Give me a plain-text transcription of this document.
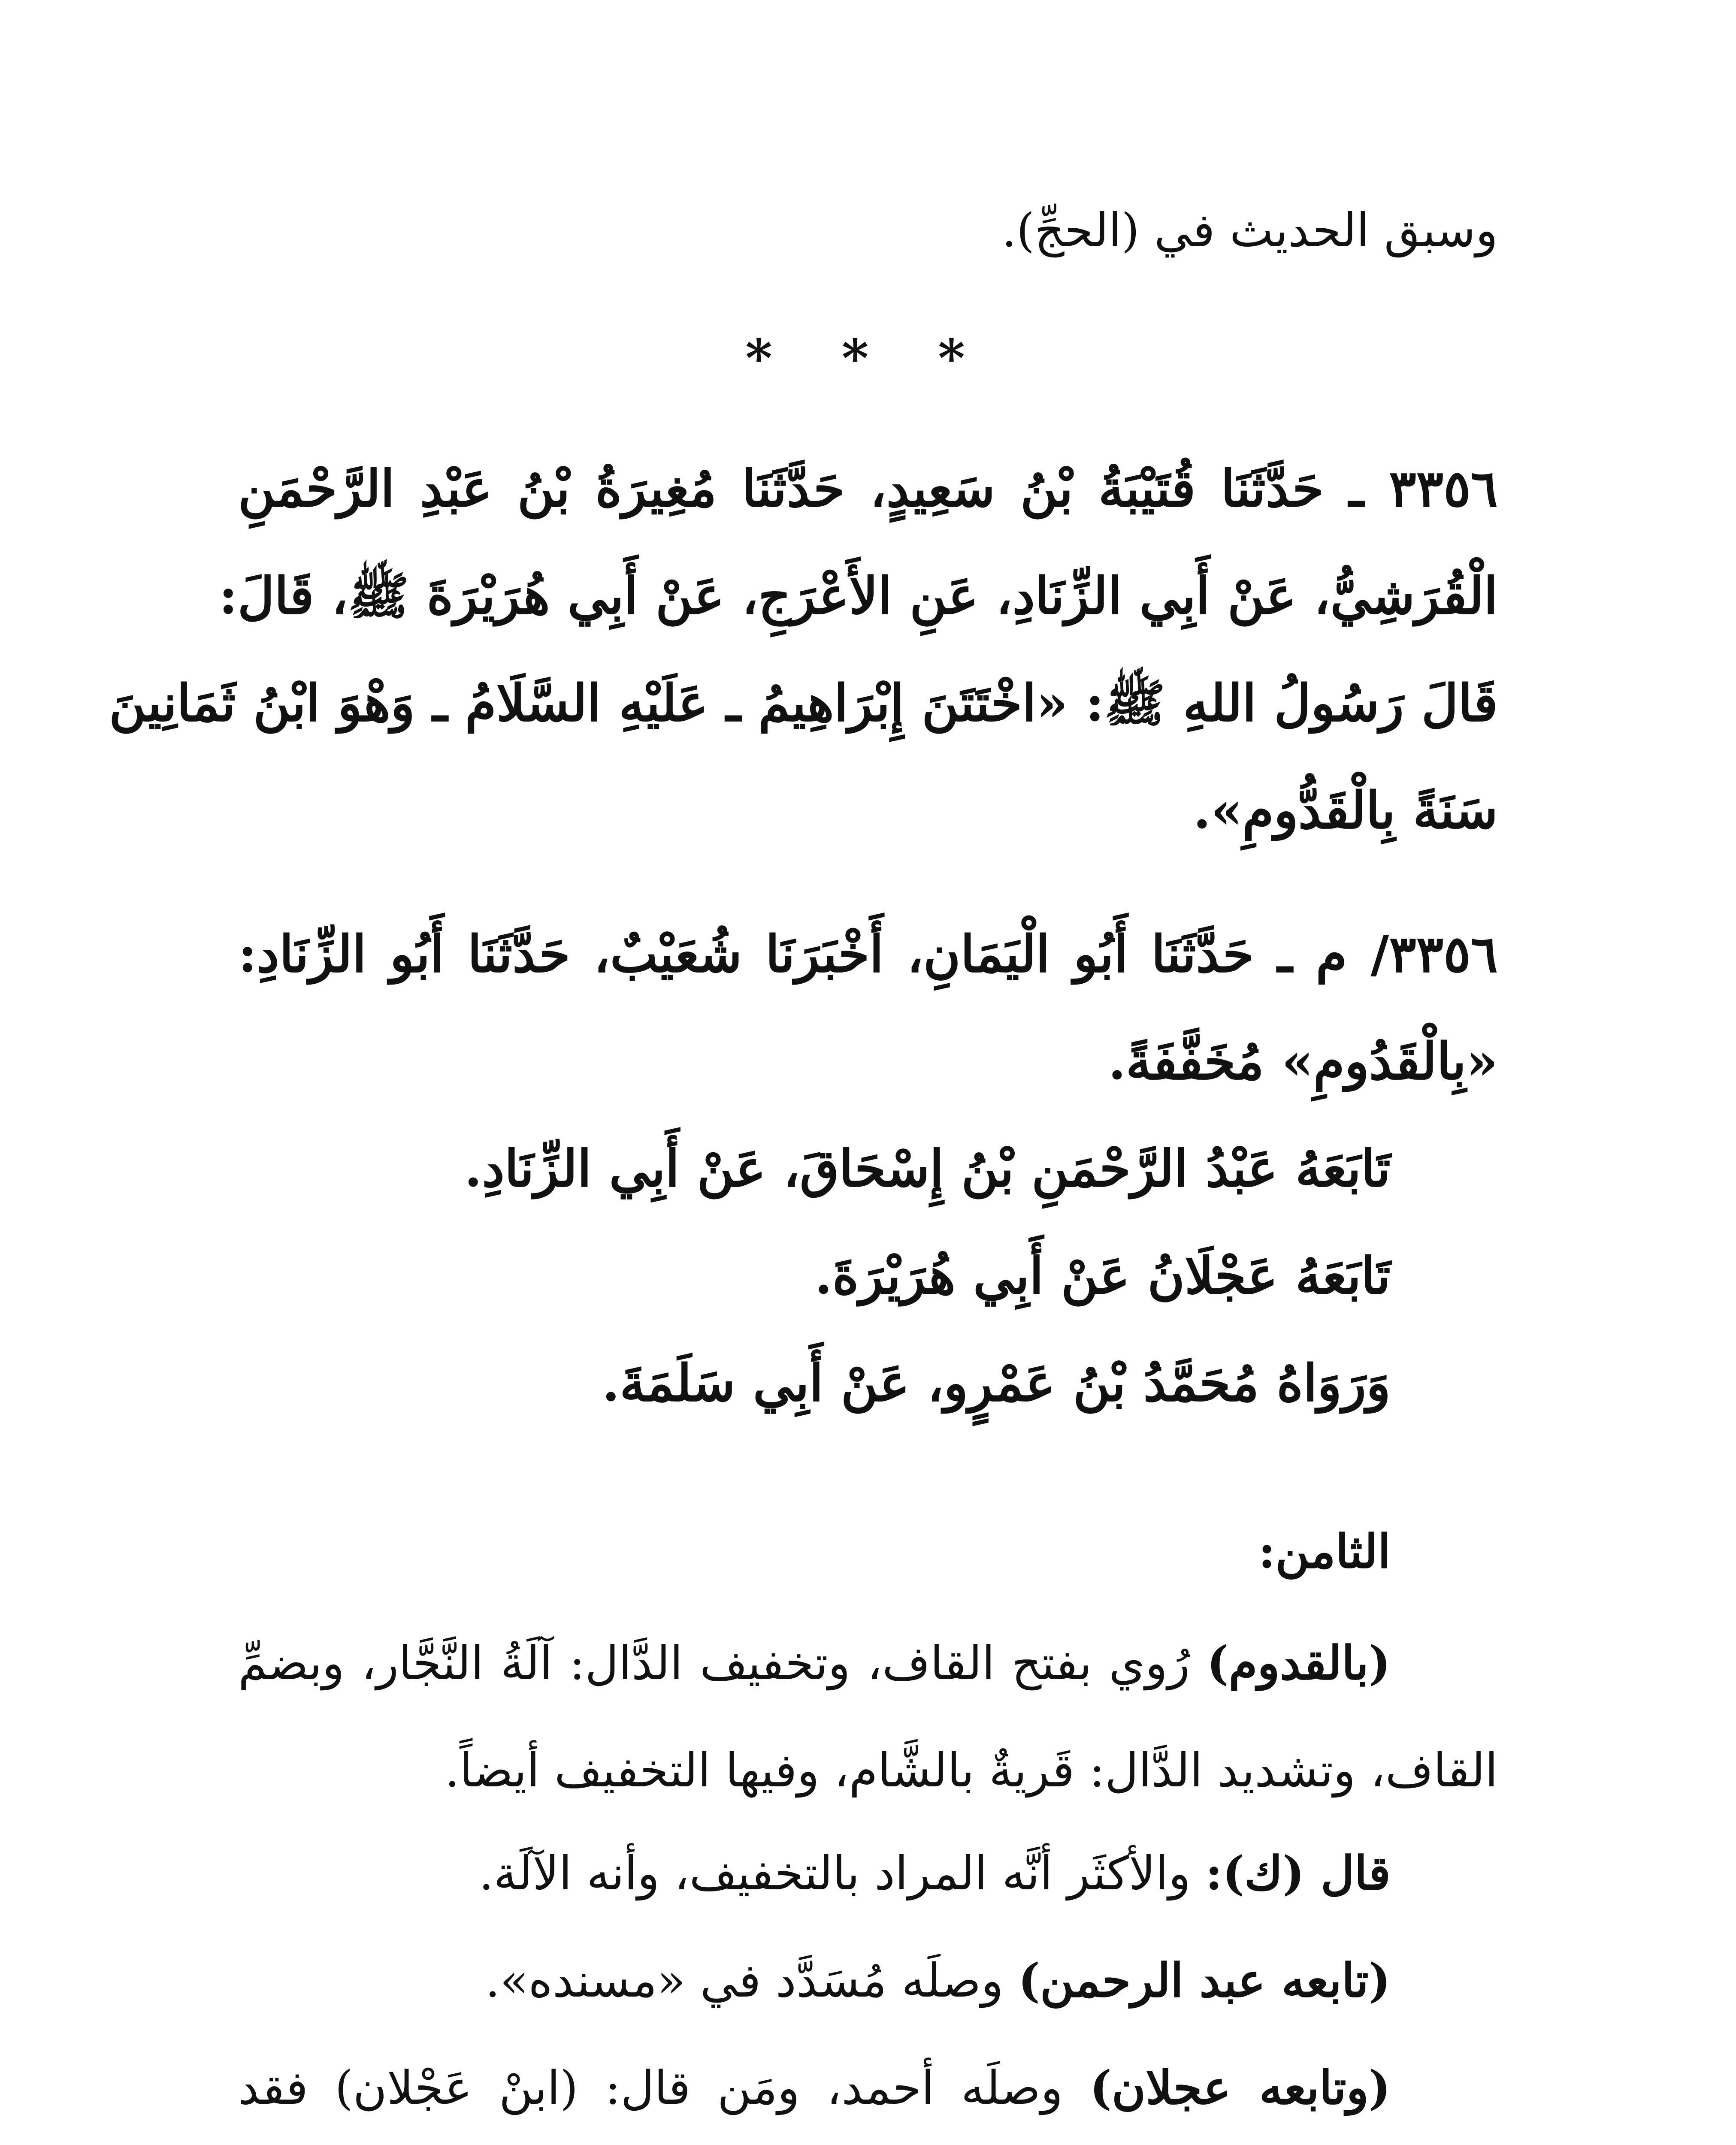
وسبق الحديث في (الحجِّ).
* * *
٣٣٥٦ ـ حَدَّثَنَا قُتَيْبَةُ بْنُ سَعِيدٍ، حَدَّثَنَا مُغِيرَةُ بْنُ عَبْدِ الرَّحْمَنِ
الْقُرَشِيُّ، عَنْ أَبِي الزِّنَادِ، عَنِ الأَعْرَجِ، عَنْ أَبِي هُرَيْرَةَ ﷺ، قَالَ:
قَالَ رَسُولُ اللهِ ﷺ: «اخْتَتَنَ إِبْرَاهِيمُ ـ عَلَيْهِ السَّلَامُ ـ وَهْوَ ابْنُ ثَمَانِينَ
سَنَةً بِالْقَدُّومِ».
٣٣٥٦/ م ـ حَدَّثَنَا أَبُو الْيَمَانِ، أَخْبَرَنَا شُعَيْبٌ، حَدَّثَنَا أَبُو الزِّنَادِ:
«بِالْقَدُومِ» مُخَفَّفَةً.
تَابَعَهُ عَبْدُ الرَّحْمَنِ بْنُ إِسْحَاقَ، عَنْ أَبِي الزِّنَادِ.
تَابَعَهُ عَجْلَانُ عَنْ أَبِي هُرَيْرَةَ.
وَرَوَاهُ مُحَمَّدُ بْنُ عَمْرٍو، عَنْ أَبِي سَلَمَةَ.
الثامن:
(بالقدوم) رُوي بفتح القاف، وتخفيف الدَّال: آلَةُ النَّجَّار، وبضمِّ
القاف، وتشديد الدَّال: قَريةٌ بالشَّام، وفيها التخفيف أيضاً.
قال (ك): والأكثَر أنَّه المراد بالتخفيف، وأنه الآلَة.
(تابعه عبد الرحمن) وصلَه مُسَدَّد في «مسنده».
(وتابعه عجلان) وصلَه أحمد، ومَن قال: (ابنْ عَجْلان) فقد
